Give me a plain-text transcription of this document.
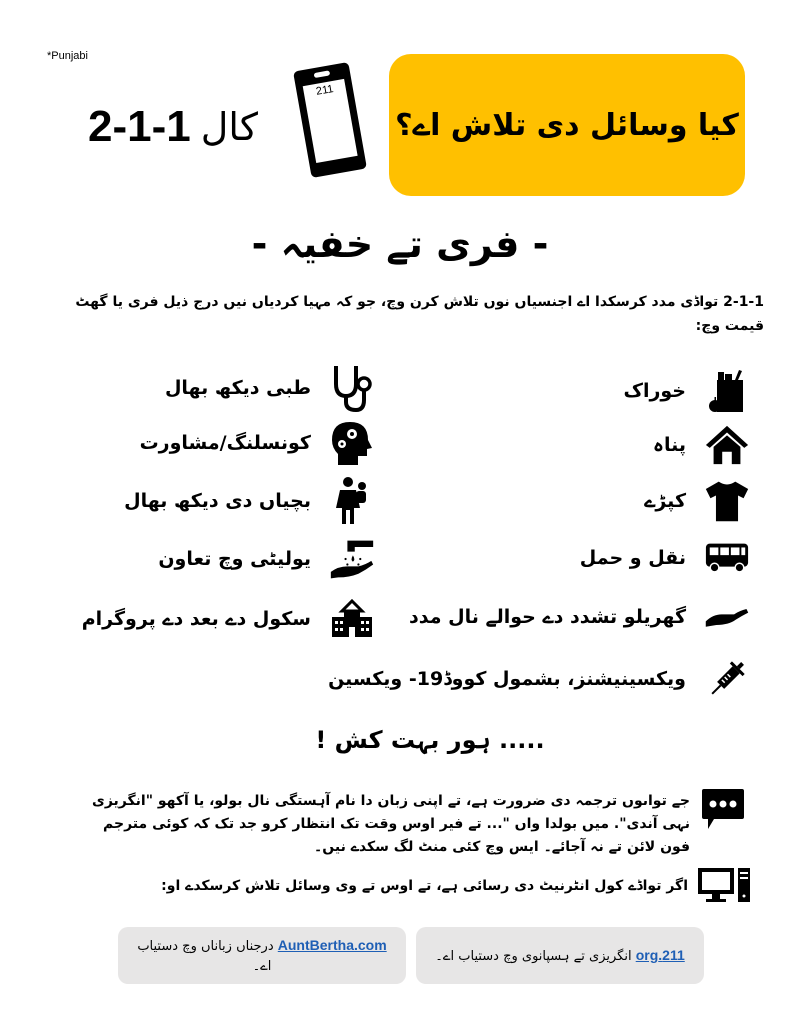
*Punjabi
کال
2-1-1
211
کیا وسائل دی تلاش اے؟
- فری تے خفیہ -
2-1-1 تواڈی مدد کرسکدا اے اجنسیاں نوں تلاش کرن وچ، جو کہ مہیا کردیاں نیں درج ذیل فری یا گھٹ قیمت وچ:
خوراک
پناہ
کپڑے
نقل و حمل
گھریلو تشدد دے حوالے نال مدد
ویکسینیشنز، بشمول کووڈ19- ویکسین
طبی دیکھ بھال
کونسلنگ/مشاورت
بچیاں دی دیکھ بھال
یولیٹی وچ تعاون
سکول دے بعد دے پروگرام
..... ہور بہت کش !
جے تواں‍وں ترجمہ دی ضرورت ہے، تے اپنی زبان دا نام آہستگی نال بولو، یا آکھو "انگریزی نہی آندی". میں بولدا واں "... تے فیر اوس وقت تک انتظار کرو جد تک کہ کوئی مترجم فون لائن تے نہ آجائے۔ ایس وچ کئی منٹ لگ سکدے نیں۔
اگر تواڈے کول انٹرنیٹ دی رسائی ہے، تے اوس تے وی وسائل تلاش کرسکدے او:
AuntBertha.com درجناں زباناں وچ دستیاب اے۔
211.org انگریزی تے ہسپانوی وچ دستیاب اے۔
